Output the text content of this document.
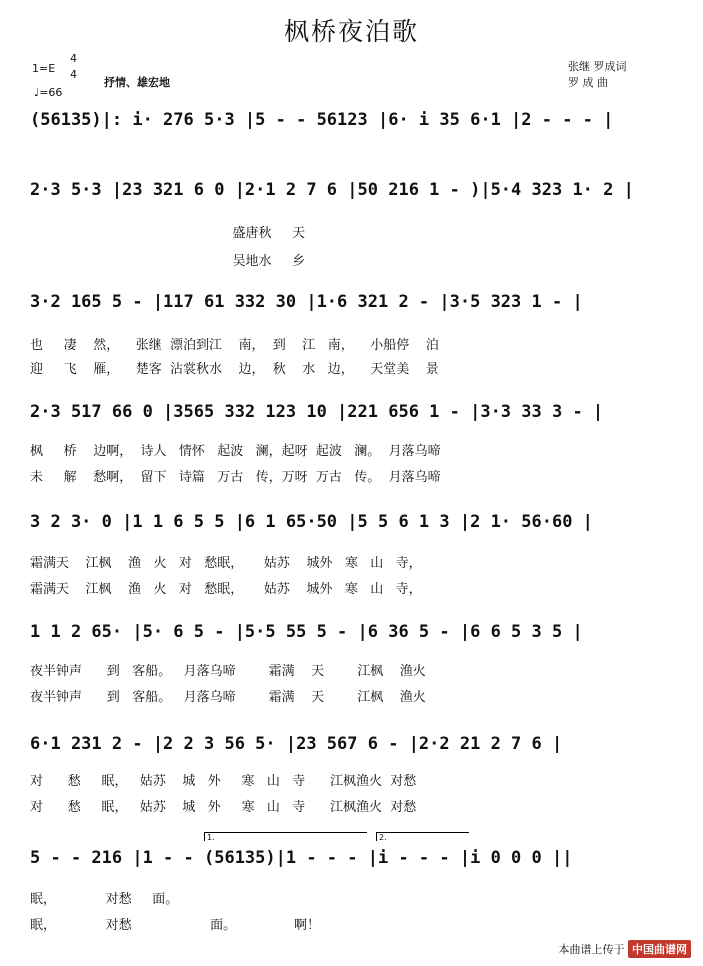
枫桥夜泊歌
1=E
4
4
♩=66
抒情、雄宏地
张继 罗成词
罗 成 曲
(56135)|: i· 276 5·3 |5 - - 56123 |6· i 35 6·1 |2 - - - |
2·3 5·3 |23 321 6 0 |2·1 2 7 6 |50 216 1 - )|5·4 323 1· 2 |
盛唐秋     天
吴地水     乡
3·2 165 5 - |117 61 332 30 |1·6 321 2 - |3·5 323 1 - |
也     凄    然，    张继  漂泊到江    南，  到    江   南，    小船停    泊
迎     飞    雁，    楚客  沾裳秋水    边，  秋    水   边，    天堂美    景
2·3 517 66 0 |3565 332 123 10 |221 656 1 - |3·3 33 3 - |
枫     桥    边啊，  诗人   情怀   起波   澜，起呀  起波   澜。  月落乌啼
未     解    愁啊，  留下   诗篇   万古   传，万呀  万古   传。  月落乌啼
3 2 3· 0 |1 1 6 5 5 |6 1 65·50 |5 5 6 1 3 |2 1· 56·60 |
霜满天    江枫    渔   火   对   愁眠，     姑苏    城外   寒   山   寺，
霜满天    江枫    渔   火   对   愁眠，     姑苏    城外   寒   山   寺，
1 1 2 65· |5· 6 5 - |5·5 55 5 - |6 36 5 - |6 6 5 3 5 |
夜半钟声      到   客船。   月落乌啼        霜满    天        江枫    渔火
夜半钟声      到   客船。   月落乌啼        霜满    天        江枫    渔火
6·1 231 2 - |2 2 3 56 5· |23 567 6 - |2·2 21 2 7 6 |
对      愁     眠，   姑苏    城   外     寒   山   寺      江枫渔火  对愁
对      愁     眠，   姑苏    城   外     寒   山   寺      江枫渔火  对愁
1.	2.
5 - - 216 |1 - - (56135)|1 - - - |i - - - |i 0 0 0 ||
眠，            对愁     面。
眠，            对愁                   面。              啊！
本曲谱上传于 中国曲谱网
